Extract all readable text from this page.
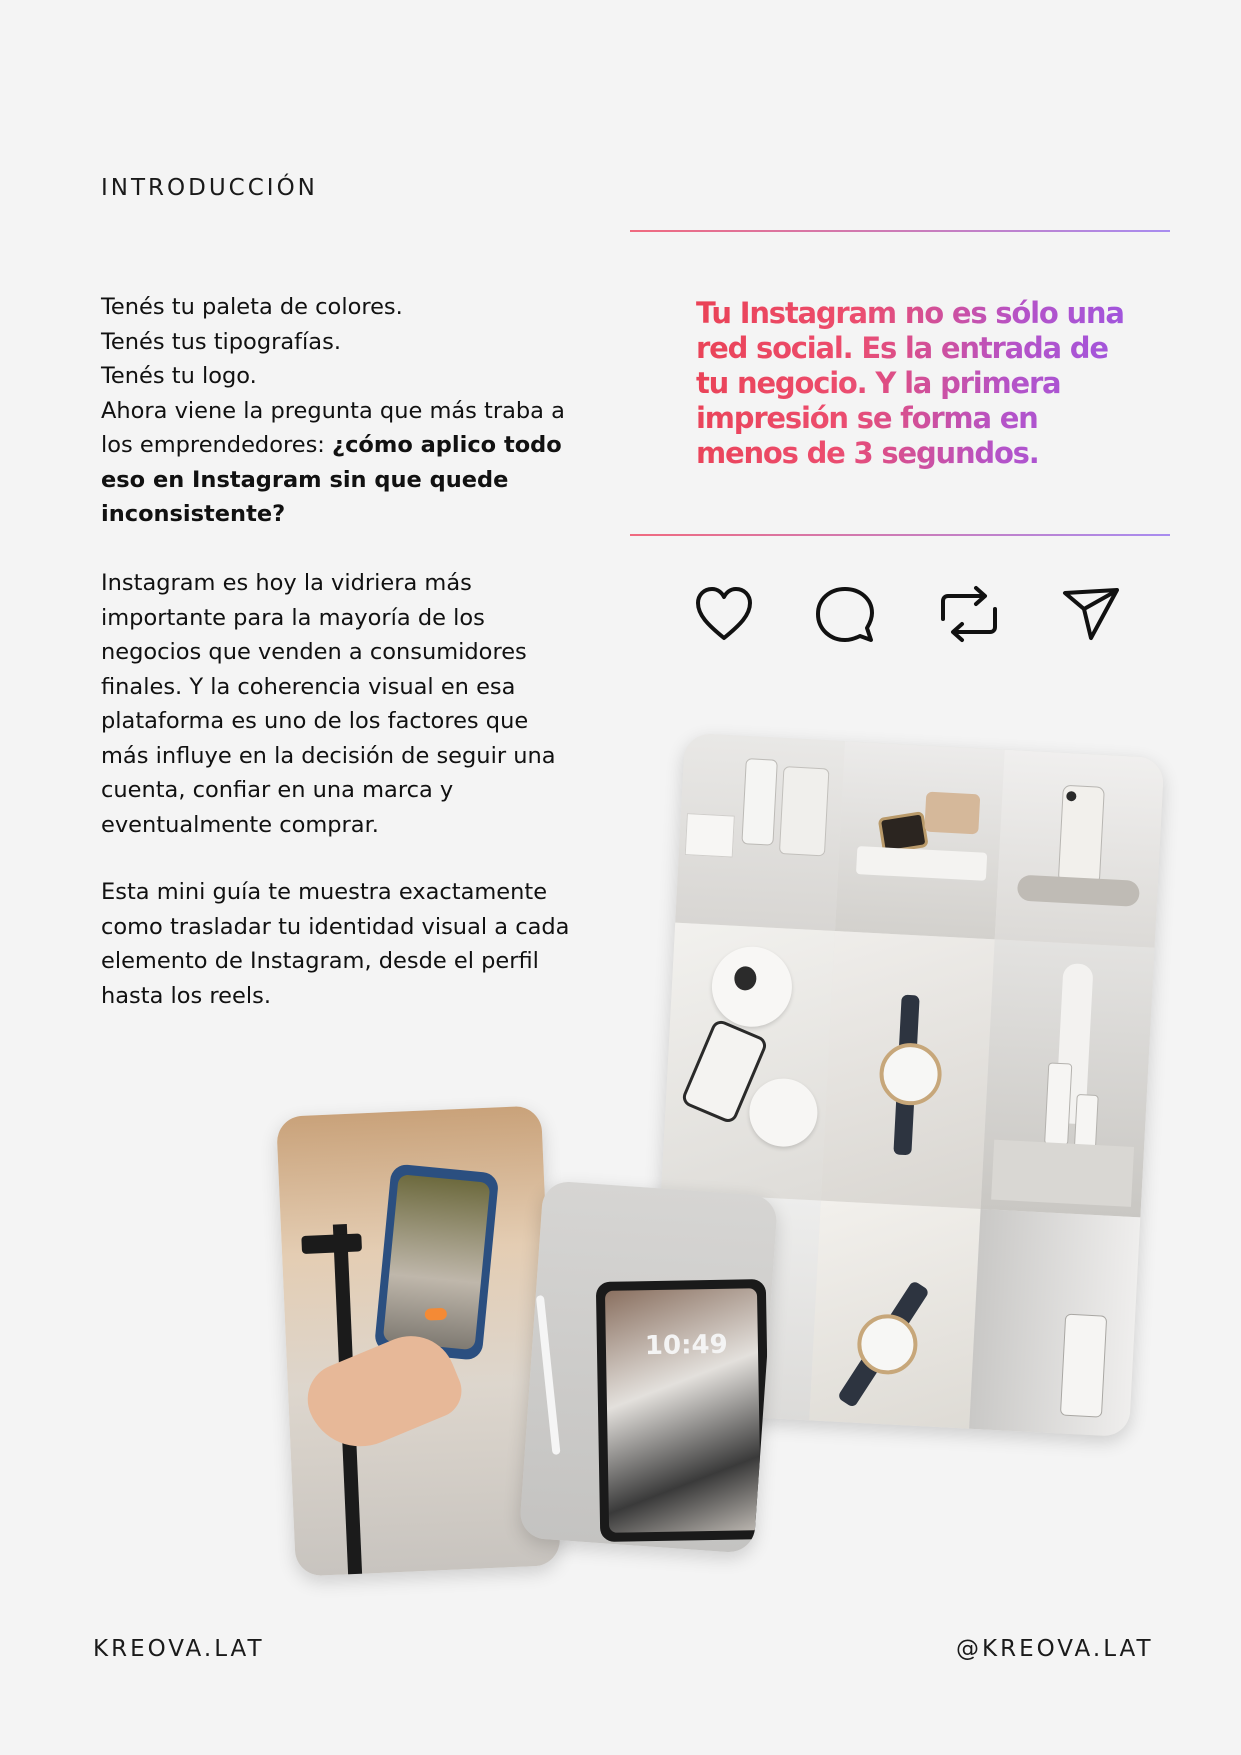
INTRODUCCIÓN

Tenés tu paleta de colores.

Tenés tus tipografías.

Tenés tu logo.

Ahora viene la pregunta que más traba a los emprendedores: ¿cómo aplico todo eso en Instagram sin que quede inconsistente?

Instagram es hoy la vidriera más importante para la mayoría de los negocios que venden a consumidores finales. Y la coherencia visual en esa plataforma es uno de los factores que más influye en la decisión de seguir una cuenta, confiar en una marca y eventualmente comprar.

Esta mini guía te muestra exactamente como trasladar tu identidad visual a cada elemento de Instagram, desde el perfil hasta los reels.

Tu Instagram no es sólo una red social. Es la entrada de tu negocio. Y la primera impresión se forma en menos de 3 segundos.
10:49
KREOVA.LAT	@KREOVA.LAT
